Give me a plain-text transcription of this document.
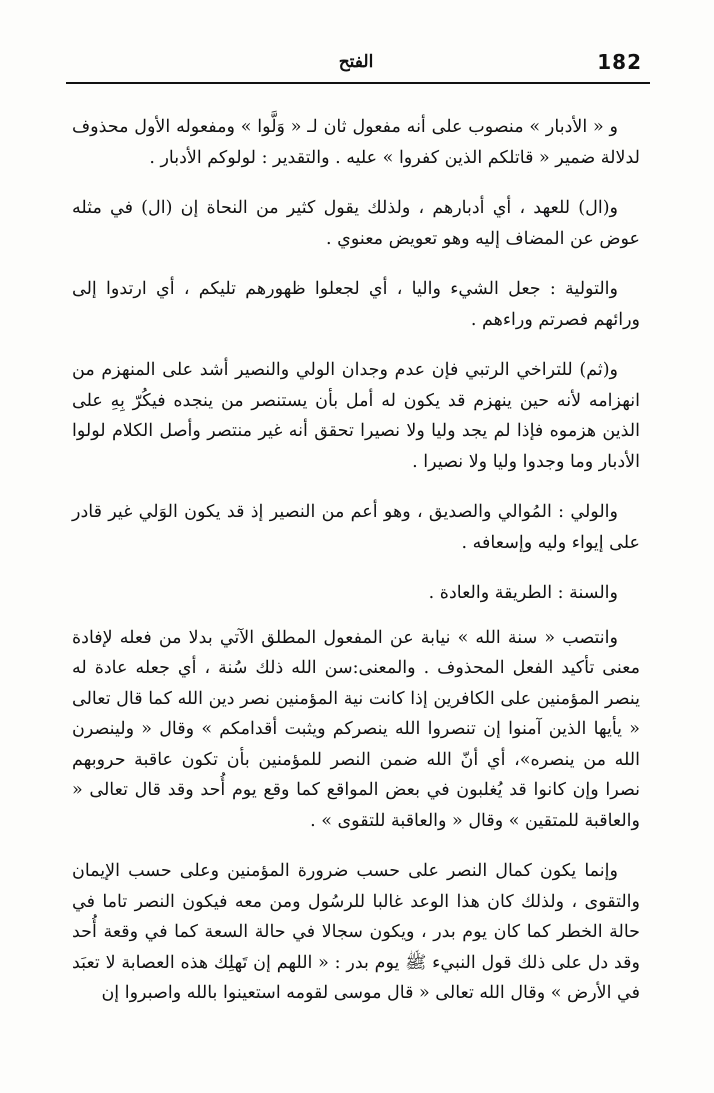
182
الفتح

و « الأدبار » منصوب على أنه مفعول ثان لـ « وَلَّوا » ومفعوله الأول محذوف لدلالة ضمير « قاتلكم الذين كفروا » عليه . والتقدير : لولوكم الأدبار .

و(ال) للعهد ، أي أدبارهم ، ولذلك يقول كثير من النحاة إن (ال) في مثله عوض عن المضاف إليه وهو تعويض معنوي .

والتولية : جعل الشيء واليا ، أي لجعلوا ظهورهم تليكم ، أي ارتدوا إلى ورائهم فصرتم وراءهم .

و(ثم) للتراخي الرتبي فإن عدم وجدان الولي والنصير أشد على المنهزم من انهزامه لأنه حين ينهزم قد يكون له أمل بأن يستنصر من ينجده فيكُرّ بِهِ على الذين هزموه فإذا لم يجد وليا ولا نصيرا تحقق أنه غير منتصر وأصل الكلام لولوا الأدبار وما وجدوا وليا ولا نصيرا .

والولي : المُوالي والصديق ، وهو أعم من النصير إذ قد يكون الوَلي غير قادر على إيواء وليه وإسعافه .

والسنة : الطريقة والعادة .

وانتصب « سنة الله » نيابة عن المفعول المطلق الآتي بدلا من فعله لإفادة معنى تأكيد الفعل المحذوف . والمعنى:سن الله ذلك سُنة ، أي جعله عادة له ينصر المؤمنين على الكافرين إذا كانت نية المؤمنين نصر دين الله كما قال تعالى « يأيها الذين آمنوا إن تنصروا الله ينصركم ويثبت أقدامكم » وقال « ولينصرن الله من ينصره»، أي أنّ الله ضمن النصر للمؤمنين بأن تكون عاقبة حروبهم نصرا وإن كانوا قد يُغلبون في بعض المواقع كما وقع يوم أُحد وقد قال تعالى « والعاقبة للمتقين » وقال « والعاقبة للتقوى » .

وإنما يكون كمال النصر على حسب ضرورة المؤمنين وعلى حسب الإيمان والتقوى ، ولذلك كان هذا الوعد غالبا للرسُول ومن معه فيكون النصر تاما في حالة الخطر كما كان يوم بدر ، ويكون سجالا في حالة السعة كما في وقعة أُحد وقد دل على ذلك قول النبيء ﷺ يوم بدر : « اللهم إن تَهلِك هذه العصابة لا تعبَد في الأرض » وقال الله تعالى « قال موسى لقومه استعينوا بالله واصبروا إن
